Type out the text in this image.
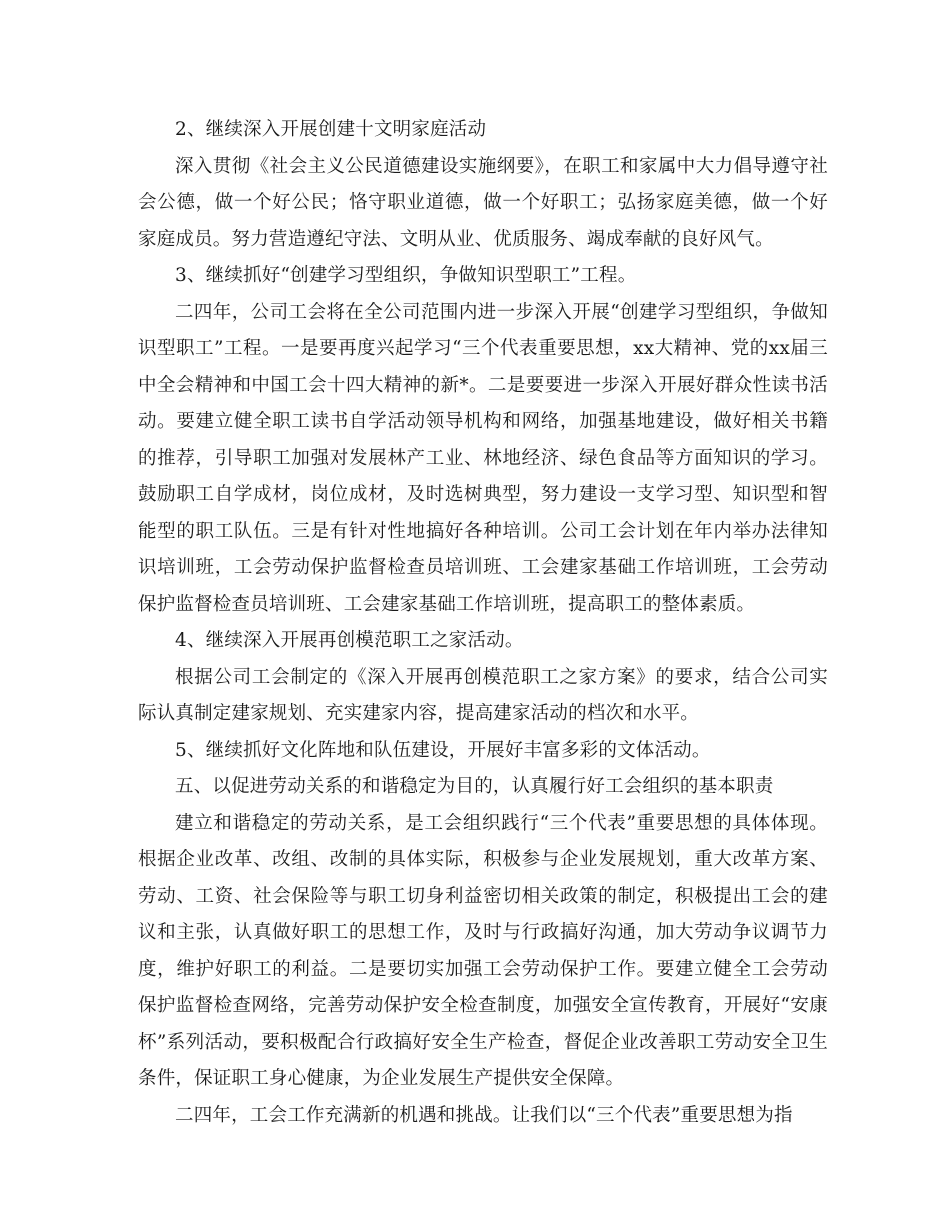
2、继续深入开展创建十文明家庭活动

深入贯彻《社会主义公民道德建设实施纲要》，在职工和家属中大力倡导遵守社会公德，做一个好公民；恪守职业道德，做一个好职工；弘扬家庭美德，做一个好家庭成员。努力营造遵纪守法、文明从业、优质服务、竭成奉献的良好风气。

3、继续抓好“创建学习型组织，争做知识型职工”工程。

二四年，公司工会将在全公司范围内进一步深入开展“创建学习型组织，争做知识型职工”工程。一是要再度兴起学习“三个代表重要思想，xx大精神、党的xx届三中全会精神和中国工会十四大精神的新*。二是要要进一步深入开展好群众性读书活动。要建立健全职工读书自学活动领导机构和网络，加强基地建设，做好相关书籍的推荐，引导职工加强对发展林产工业、林地经济、绿色食品等方面知识的学习。鼓励职工自学成材，岗位成材，及时选树典型，努力建设一支学习型、知识型和智能型的职工队伍。三是有针对性地搞好各种培训。公司工会计划在年内举办法律知识培训班，工会劳动保护监督检查员培训班、工会建家基础工作培训班，工会劳动保护监督检查员培训班、工会建家基础工作培训班，提高职工的整体素质。

4、继续深入开展再创模范职工之家活动。

根据公司工会制定的《深入开展再创模范职工之家方案》的要求，结合公司实际认真制定建家规划、充实建家内容，提高建家活动的档次和水平。

5、继续抓好文化阵地和队伍建设，开展好丰富多彩的文体活动。

五、以促进劳动关系的和谐稳定为目的，认真履行好工会组织的基本职责

建立和谐稳定的劳动关系，是工会组织践行“三个代表”重要思想的具体体现。根据企业改革、改组、改制的具体实际，积极参与企业发展规划，重大改革方案、劳动、工资、社会保险等与职工切身利益密切相关政策的制定，积极提出工会的建议和主张，认真做好职工的思想工作，及时与行政搞好沟通，加大劳动争议调节力度，维护好职工的利益。二是要切实加强工会劳动保护工作。要建立健全工会劳动保护监督检查网络，完善劳动保护安全检查制度，加强安全宣传教育，开展好“安康杯”系列活动，要积极配合行政搞好安全生产检查，督促企业改善职工劳动安全卫生条件，保证职工身心健康，为企业发展生产提供安全保障。

二四年，工会工作充满新的机遇和挑战。让我们以“三个代表”重要思想为指
